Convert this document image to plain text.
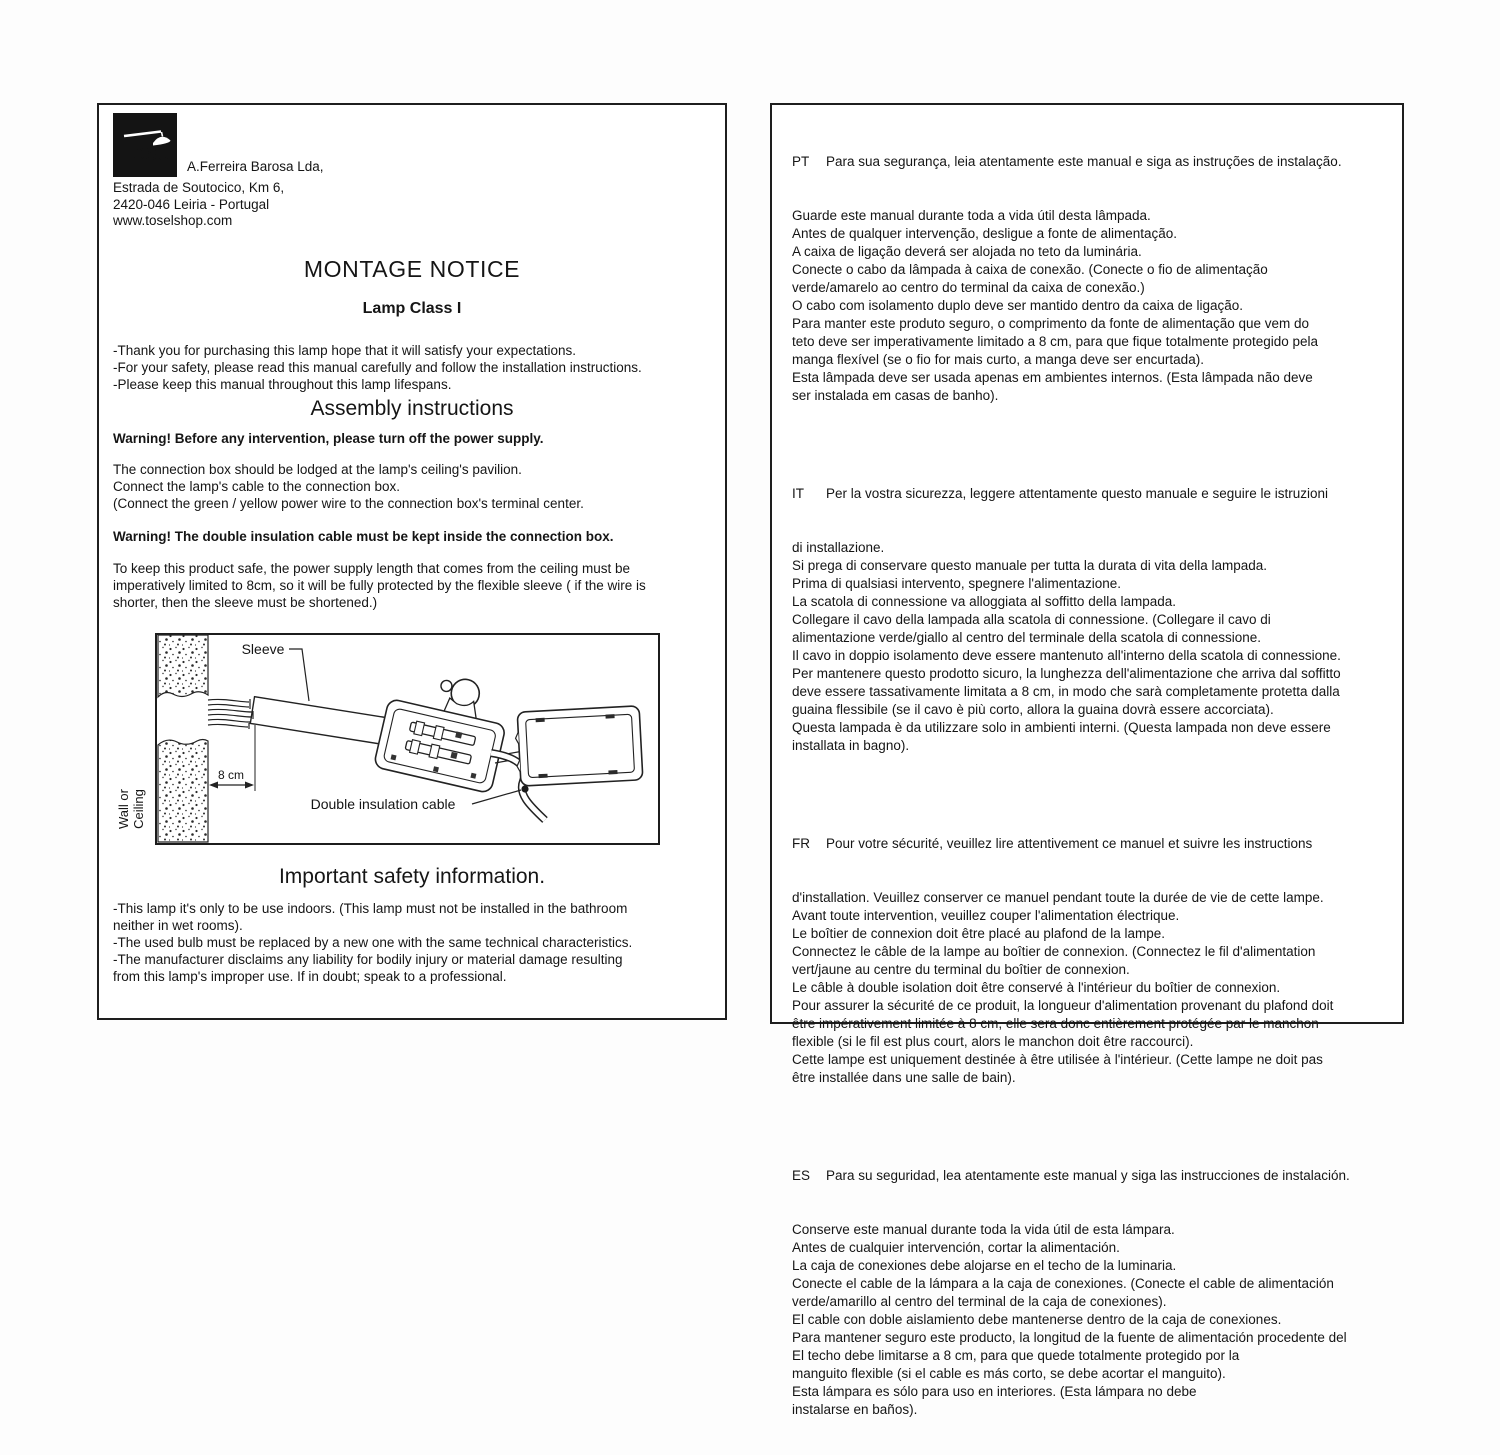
Tosel
A.Ferreira Barosa Lda,
Estrada de Soutocico, Km 6,
2420-046 Leiria - Portugal
www.toselshop.com
MONTAGE NOTICE
Lamp Class I
-Thank you for purchasing this lamp hope that it will satisfy your expectations.
-For your safety, please read this manual carefully and follow the installation instructions.
-Please keep this manual throughout this lamp lifespans.
Assembly instructions
Warning! Before any intervention, please turn off the power supply.
The connection box should be lodged at the lamp's ceiling's pavilion.
Connect the lamp's cable to the connection box.
(Connect the green / yellow power wire to the connection box's terminal center.
Warning! The double insulation cable must be kept inside the connection box.
To keep this product safe, the power supply length that comes from the ceiling must be
imperatively limited to 8cm, so it will be fully protected by the flexible sleeve ( if the wire is
shorter, then the sleeve must be shortened.)
Wall or Ceiling
8 cm
Sleeve
Double insulation cable
Important safety information.
-This lamp it's only to be use indoors. (This lamp must not be installed in the bathroom
neither in wet rooms).
-The used bulb must be replaced by a new one with the same technical characteristics.
-The manufacturer disclaims any liability for bodily injury or material damage resulting
from this lamp's improper use. If in doubt; speak to a professional.

PT Para sua segurança, leia atentamente este manual e siga as instruções de instalação.

Guarde este manual durante toda a vida útil desta lâmpada.
Antes de qualquer intervenção, desligue a fonte de alimentação.
A caixa de ligação deverá ser alojada no teto da luminária.
Conecte o cabo da lâmpada à caixa de conexão. (Conecte o fio de alimentação
verde/amarelo ao centro do terminal da caixa de conexão.)
O cabo com isolamento duplo deve ser mantido dentro da caixa de ligação.
Para manter este produto seguro, o comprimento da fonte de alimentação que vem do
teto deve ser imperativamente limitado a 8 cm, para que fique totalmente protegido pela
manga flexível (se o fio for mais curto, a manga deve ser encurtada).
Esta lâmpada deve ser usada apenas em ambientes internos. (Esta lâmpada não deve
ser instalada em casas de banho).

IT Per la vostra sicurezza, leggere attentamente questo manuale e seguire le istruzioni

di installazione.
Si prega di conservare questo manuale per tutta la durata di vita della lampada.
Prima di qualsiasi intervento, spegnere l'alimentazione.
La scatola di connessione va alloggiata al soffitto della lampada.
Collegare il cavo della lampada alla scatola di connessione. (Collegare il cavo di
alimentazione verde/giallo al centro del terminale della scatola di connessione.
Il cavo in doppio isolamento deve essere mantenuto all'interno della scatola di connessione.
Per mantenere questo prodotto sicuro, la lunghezza dell'alimentazione che arriva dal soffitto
deve essere tassativamente limitata a 8 cm, in modo che sarà completamente protetta dalla
guaina flessibile (se il cavo è più corto, allora la guaina dovrà essere accorciata).
Questa lampada è da utilizzare solo in ambienti interni. (Questa lampada non deve essere
installata in bagno).

FR Pour votre sécurité, veuillez lire attentivement ce manuel et suivre les instructions

d'installation. Veuillez conserver ce manuel pendant toute la durée de vie de cette lampe.
Avant toute intervention, veuillez couper l'alimentation électrique.
Le boîtier de connexion doit être placé au plafond de la lampe.
Connectez le câble de la lampe au boîtier de connexion. (Connectez le fil d'alimentation
vert/jaune au centre du terminal du boîtier de connexion.
Le câble à double isolation doit être conservé à l'intérieur du boîtier de connexion.
Pour assurer la sécurité de ce produit, la longueur d'alimentation provenant du plafond doit
être impérativement limitée à 8 cm, elle sera donc entièrement protégée par le manchon
flexible (si le fil est plus court, alors le manchon doit être raccourci).
Cette lampe est uniquement destinée à être utilisée à l'intérieur. (Cette lampe ne doit pas
être installée dans une salle de bain).

ES Para su seguridad, lea atentamente este manual y siga las instrucciones de instalación.

Conserve este manual durante toda la vida útil de esta lámpara.
Antes de cualquier intervención, cortar la alimentación.
La caja de conexiones debe alojarse en el techo de la luminaria.
Conecte el cable de la lámpara a la caja de conexiones. (Conecte el cable de alimentación
verde/amarillo al centro del terminal de la caja de conexiones).
El cable con doble aislamiento debe mantenerse dentro de la caja de conexiones.
Para mantener seguro este producto, la longitud de la fuente de alimentación procedente del
El techo debe limitarse a 8 cm, para que quede totalmente protegido por la
manguito flexible (si el cable es más corto, se debe acortar el manguito).
Esta lámpara es sólo para uso en interiores. (Esta lámpara no debe
instalarse en baños).
